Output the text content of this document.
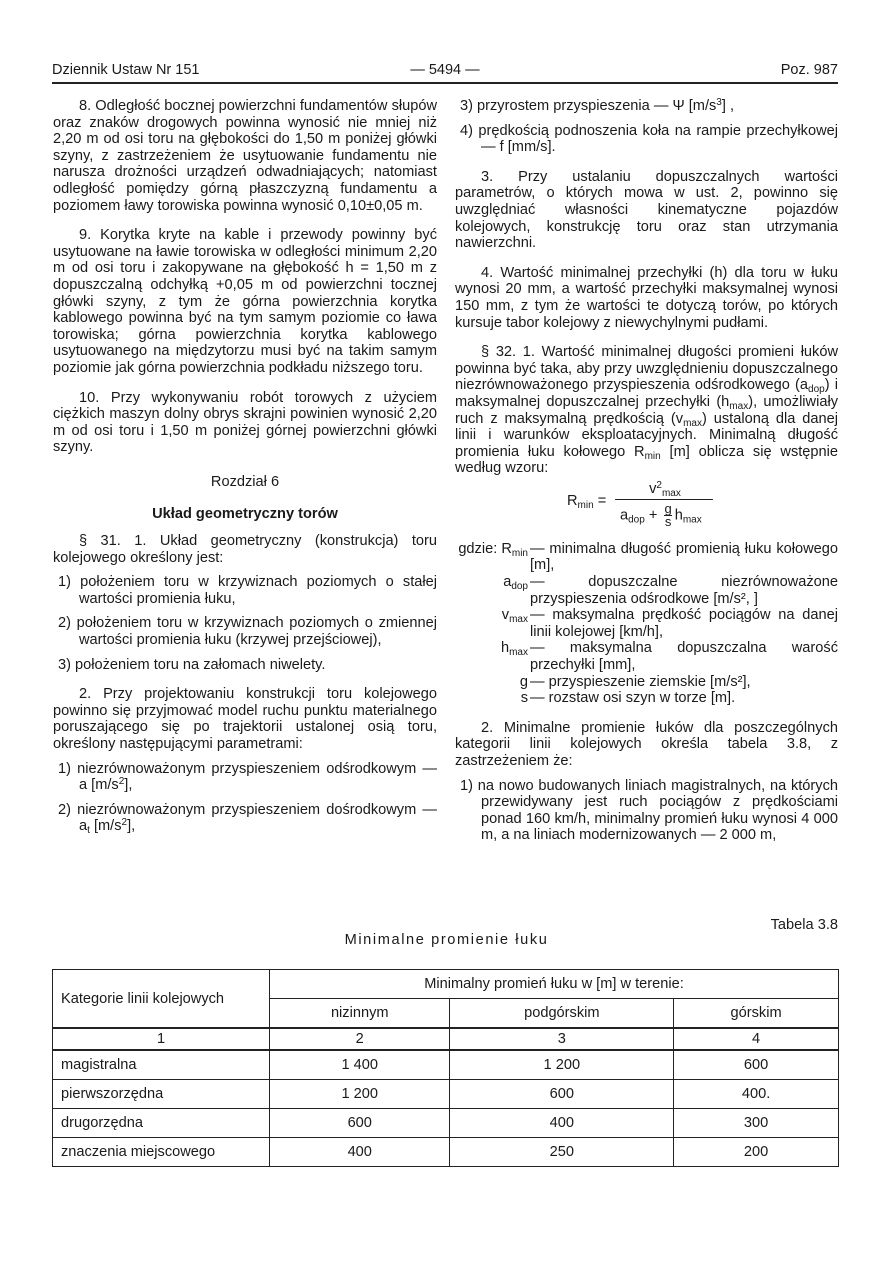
Dziennik Ustaw Nr 151	— 5494 —	Poz. 987

8. Odległość bocznej powierzchni fundamentów słupów oraz znaków drogowych powinna wynosić nie mniej niż 2,20 m od osi toru na głębokości do 1,50 m poniżej główki szyny, z zastrzeżeniem że usytuowanie fundamentu nie narusza drożności urządzeń odwadniających; natomiast odległość pomiędzy górną płaszczyzną fundamentu a poziomem ławy torowiska powinna wynosić 0,10±0,05 m.

9. Korytka kryte na kable i przewody powinny być usytuowane na ławie torowiska w odległości minimum 2,20 m od osi toru i zakopywane na głębokość h = 1,50 m z dopuszczalną odchyłką +0,05 m od powierzchni tocznej główki szyny, z tym że górna powierzchnia korytka kablowego powinna być na tym samym poziomie co ława torowiska; górna powierzchnia korytka kablowego usytuowanego na międzytorzu musi być na takim samym poziomie jak górna powierzchnia podkładu niższego toru.

10. Przy wykonywaniu robót torowych z użyciem ciężkich maszyn dolny obrys skrajni powinien wynosić 2,20 m od osi toru i 1,50 m poniżej górnej powierzchni główki szyny.

Rozdział 6

Układ geometryczny torów

§ 31. 1. Układ geometryczny (konstrukcja) toru kolejowego określony jest:

1) położeniem toru w krzywiznach poziomych o stałej wartości promienia łuku,

2) położeniem toru w krzywiznach poziomych o zmiennej wartości promienia łuku (krzywej przejściowej),

3) położeniem toru na załomach niwelety.

2. Przy projektowaniu konstrukcji toru kolejowego powinno się przyjmować model ruchu punktu materialnego poruszającego się po trajektorii ustalonej osią toru, określony następującymi parametrami:

1) niezrównoważonym przyspieszeniem odśrodkowym — a $[m/s^2]$,

2) niezrównoważonym przyspieszeniem dośrodkowym — $a_t$ $[m/s^2]$,

3) przyrostem przyspieszenia — Ψ $[m/s^3]$ ,

4) prędkością podnoszenia koła na rampie przechyłkowej — f [mm/s].

3. Przy ustalaniu dopuszczalnych wartości parametrów, o których mowa w ust. 2, powinno się uwzględniać własności kinematyczne pojazdów kolejowych, konstrukcję toru oraz stan utrzymania nawierzchni.

4. Wartość minimalnej przechyłki (h) dla toru w łuku wynosi 20 mm, a wartość przechyłki maksymalnej wynosi 150 mm, z tym że wartości te dotyczą torów, po których kursuje tabor kolejowy z niewychylnymi pudłami.

§ 32. 1. Wartość minimalnej długości promieni łuków powinna być taka, aby przy uwzględnieniu dopuszczalnego niezrównoważonego przyspieszenia odśrodkowego $(a_{dop})$ i maksymalnej dopuszczalnej przechyłki $(h_{max})$, umożliwiały ruch z maksymalną prędkością $(v_{max})$ ustaloną dla danej linii i warunków eksploatacyjnych. Minimalną długość promienia łuku kołowego $R_{min}$ [m] oblicza się wstępnie według wzoru:

$R_{min}$ =
$v^2_{max}$
$a_{dop} + \frac{g}{s} h_{max}$
gdzie: $R_{min}$ — minimalna długość promienią łuku kołowego [m],
$a_{dop}$ — dopuszczalne niezrównoważone przyspieszenia odśrodkowe [m/s², ]
$v_{max}$ — maksymalna prędkość pociągów na danej linii kolejowej [km/h],
$h_{max}$ — maksymalna dopuszczalna warość przechyłki [mm],
g — przyspieszenie ziemskie [m/s²],
s — rozstaw osi szyn w torze [m].

2. Minimalne promienie łuków dla poszczególnych kategorii linii kolejowych określa tabela 3.8, z zastrzeżeniem że:

1) na nowo budowanych liniach magistralnych, na których przewidywany jest ruch pociągów z prędkościami ponad 160 km/h, minimalny promień łuku wynosi 4 000 m, a na liniach modernizowanych — 2 000 m,

Tabela 3.8
Minimalne promienie łuku
Kategorie linii kolejowych	Minimalny promień łuku w [m] w terenie:		
	nizinnym	podgórskim	górskim
1	2	3	4
magistralna	1 400	1 200	600
pierwszorzędna	1 200	600	400.
drugorzędna	600	400	300
znaczenia miejscowego	400	250	200
